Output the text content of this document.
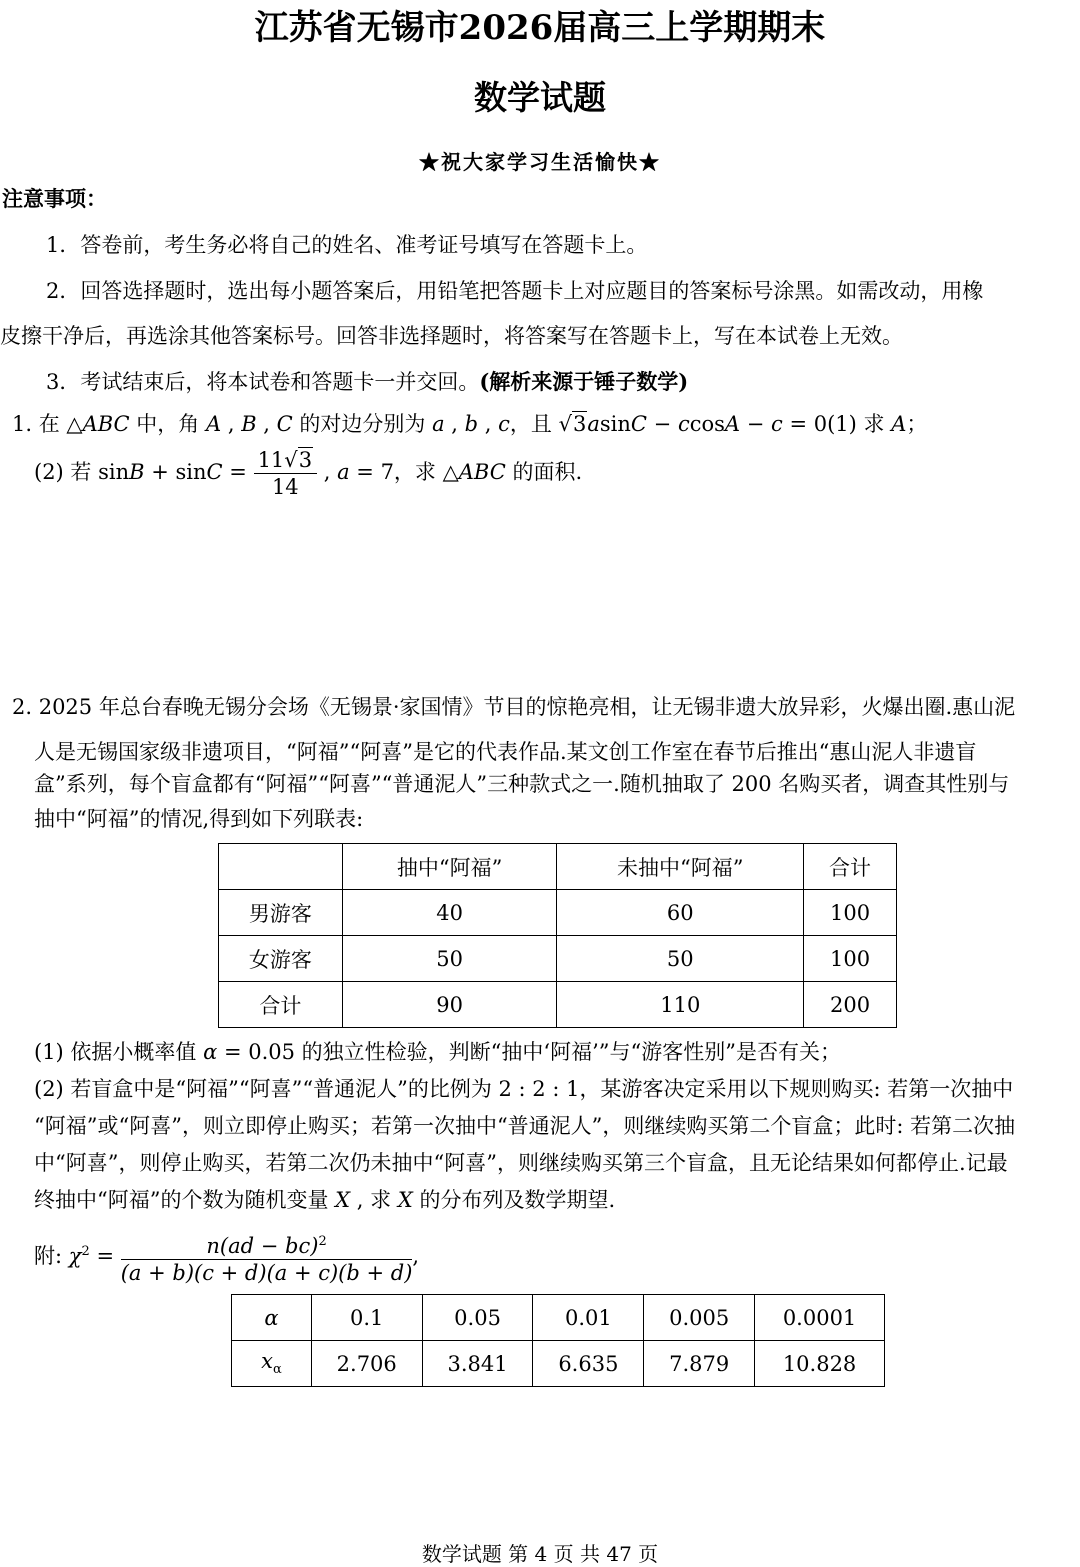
江苏省无锡市2026届高三上学期期末
数学试题
★祝大家学习生活愉快★
注意事项：
1．答卷前，考生务必将自己的姓名、准考证号填写在答题卡上。
2．回答选择题时，选出每小题答案后，用铅笔把答题卡上对应题目的答案标号涂黑。如需改动，用橡
皮擦干净后，再选涂其他答案标号。回答非选择题时，将答案写在答题卡上，写在本试卷上无效。
3．考试结束后，将本试卷和答题卡一并交回。(解析来源于锤子数学)
1. 在 △ABC 中，角 A , B , C 的对边分别为 a , b , c，且 √3asinC − ccosA − c = 0(1) 求 A；
(2) 若 $\sin B + \sin C = \frac{11√3}{14}$ , a = 7，求 △ABC 的面积.
2. 2025 年总台春晚无锡分会场《无锡景·家国情》节目的惊艳亮相，让无锡非遗大放异彩，火爆出圈.惠山泥
人是无锡国家级非遗项目，“阿福”“阿喜”是它的代表作品.某文创工作室在春节后推出“惠山泥人非遗盲
盒”系列，每个盲盒都有“阿福”“阿喜”“普通泥人”三种款式之一.随机抽取了 200 名购买者，调查其性别与
抽中“阿福”的情况,得到如下列联表:
	抽中“阿福”	未抽中“阿福”	合计
男游客	40	60	100
女游客	50	50	100
合计	90	110	200
(1) 依据小概率值 α = 0.05 的独立性检验，判断“抽中‘阿福’”与“游客性别”是否有关；
(2) 若盲盒中是“阿福”“阿喜”“普通泥人”的比例为 2 : 2 : 1，某游客决定采用以下规则购买: 若第一次抽中
“阿福”或“阿喜”，则立即停止购买；若第一次抽中“普通泥人”，则继续购买第二个盲盒；此时: 若第二次抽
中“阿喜”，则停止购买，若第二次仍未抽中“阿喜”，则继续购买第三个盲盒，且无论结果如何都停止.记最
终抽中“阿福”的个数为随机变量 X , 求 X 的分布列及数学期望.
附: $\chi^2 = \frac{n(ad - bc)^2}{(a + b)(c + d)(a + c)(b + d)}$ ,
α	0.1	0.05	0.01	0.005	0.0001
$x_\alpha$	2.706	3.841	6.635	7.879	10.828
数学试题 第 4 页 共 47 页
